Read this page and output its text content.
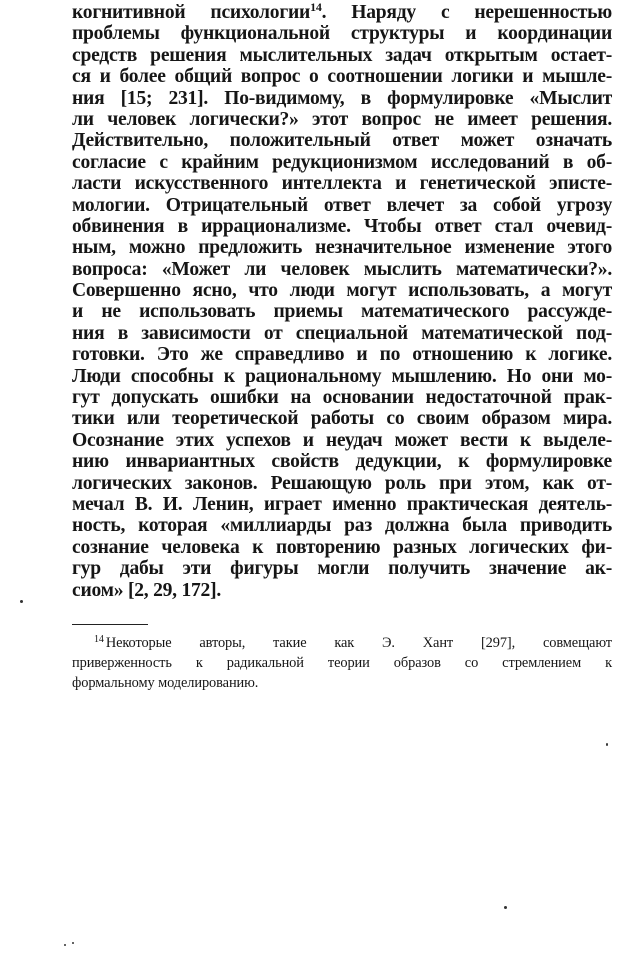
когнитивной психологии$^{14}$. Наряду с нерешенностью
проблемы функциональной структуры и координации
средств решения мыслительных задач открытым остает-
ся и более общий вопрос о соотношении логики и мышле-
ния [15; 231]. По-видимому, в формулировке «Мыслит
ли человек логически?» этот вопрос не имеет решения.
Действительно, положительный ответ может означать
согласие с крайним редукционизмом исследований в об-
ласти искусственного интеллекта и генетической эписте-
мологии. Отрицательный ответ влечет за собой угрозу
обвинения в иррационализме. Чтобы ответ стал очевид-
ным, можно предложить незначительное изменение этого
вопроса: «Может ли человек мыслить математически?».
Совершенно ясно, что люди могут использовать, а могут
и не использовать приемы математического рассужде-
ния в зависимости от специальной математической под-
готовки. Это же справедливо и по отношению к логике.
Люди способны к рациональному мышлению. Но они мо-
гут допускать ошибки на основании недостаточной прак-
тики или теоретической работы со своим образом мира.
Осознание этих успехов и неудач может вести к выделе-
нию инвариантных свойств дедукции, к формулировке
логических законов. Решающую роль при этом, как от-
мечал В. И. Ленин, играет именно практическая деятель-
ность, которая «миллиарды раз должна была приводить
сознание человека к повторению разных логических фи-
гур дабы эти фигуры могли получить значение ак-
сиом» [2, 29, 172].
$^{14}$ Некоторые авторы, такие как Э. Хант [297], совмещают
приверженность к радикальной теории образов со стремлением к
формальному моделированию.
